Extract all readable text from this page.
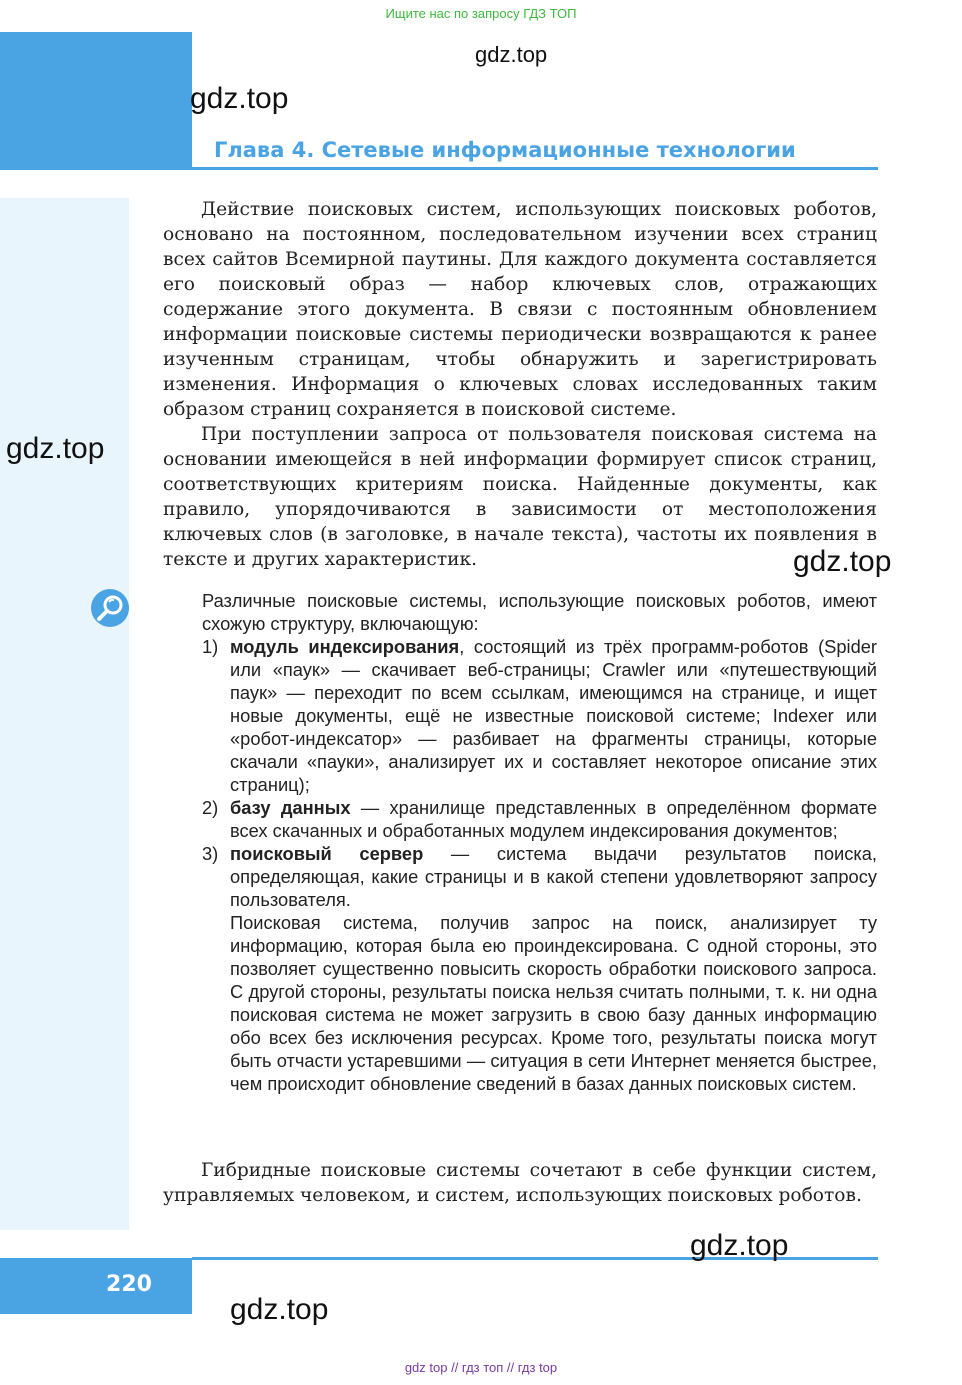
Ищите нас по запросу ГДЗ ТОП
Глава 4. Сетевые информационные технологии
gdz.top
gdz.top
gdz.top

Действие поисковых систем, использующих поисковых роботов, основано на постоянном, последовательном изучении всех страниц всех сайтов Всемирной паутины. Для каждого документа составляется его поисковый образ — набор ключевых слов, отражающих содержание этого документа. В связи с постоянным обновлением информации поисковые системы периодически возвращаются к ранее изученным страницам, чтобы обнаружить и зарегистрировать изменения. Информация о ключевых словах исследованных таким образом страниц сохраняется в поисковой системе.

При поступлении запроса от пользователя поисковая система на основании имеющейся в ней информации формирует список страниц, соответствующих критериям поиска. Найденные документы, как правило, упорядочиваются в зависимости от местоположения ключевых слов (в заголовке, в начале текста), частоты их появления в тексте и других характеристик.	gdz.top

Различные поисковые системы, использующие поисковых роботов, имеют схожую структуру, включающую:

1) модуль индексирования, состоящий из трёх программ-роботов (Spider или «паук» — скачивает веб-страницы; Crawler или «путешествующий паук» — переходит по всем ссылкам, имеющимся на странице, и ищет новые документы, ещё не известные поисковой системе; Indexer или «робот-индексатор» — разбивает на фрагменты страницы, которые скачали «пауки», анализирует их и составляет некоторое описание этих страниц);
2) базу данных — хранилище представленных в определённом формате всех скачанных и обработанных модулем индексирования документов;
3) поисковый сервер — система выдачи результатов поиска, определяющая, какие страницы и в какой степени удовлетворяют запросу пользователя.

Поисковая система, получив запрос на поиск, анализирует ту информацию, которая была ею проиндексирована. С одной стороны, это позволяет существенно повысить скорость обработки поискового запроса. С другой стороны, результаты поиска нельзя считать полными, т. к. ни одна поисковая система не может загрузить в свою базу данных информацию обо всех без исключения ресурсах. Кроме того, результаты поиска могут быть отчасти устаревшими — ситуация в сети Интернет меняется быстрее, чем происходит обновление сведений в базах данных поисковых систем.

Гибридные поисковые системы сочетают в себе функции систем, управляемых человеком, и систем, использующих поисковых роботов.

220
gdz.top
gdz.top
gdz top // гдз топ // гдз top
